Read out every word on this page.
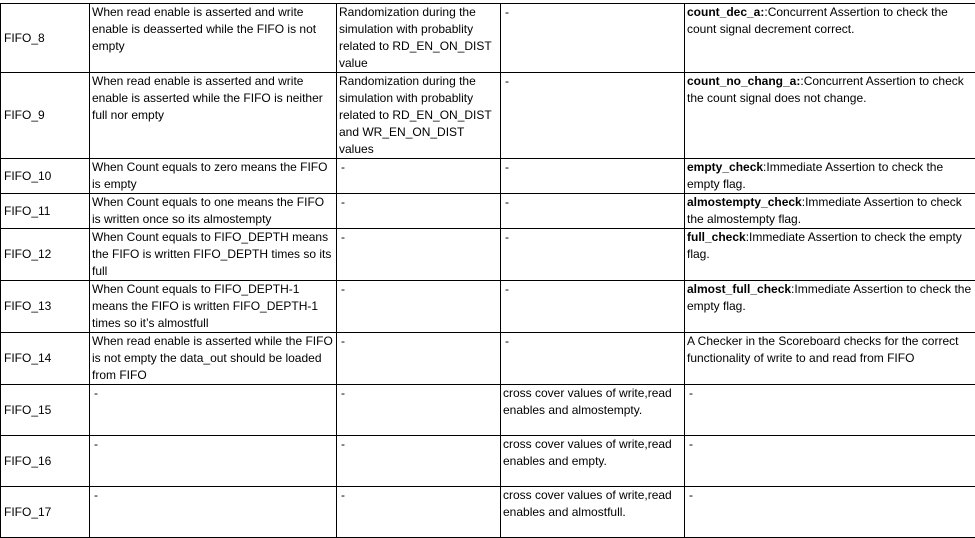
FIFO_8	When read enable is asserted and write enable is deasserted while the FIFO is not empty	Randomization during the simulation with probablity related to RD_EN_ON_DIST value	-	count_dec_a::Concurrent Assertion to check the count signal decrement correct.
FIFO_9	When read enable is asserted and write enable is asserted while the FIFO is neither full nor empty	Randomization during the simulation with probablity related to RD_EN_ON_DIST and WR_EN_ON_DIST values	-	count_no_chang_a::Concurrent Assertion to check the count signal does not change.
FIFO_10	When Count equals to zero means the FIFO is empty	-	-	empty_check:Immediate Assertion to check the empty flag.
FIFO_11	When Count equals to one means the FIFO is written once so its almostempty	-	-	almostempty_check:Immediate Assertion to check the almostempty flag.
FIFO_12	When Count equals to FIFO_DEPTH means the FIFO is written FIFO_DEPTH times so its full	-	-	full_check:Immediate Assertion to check the empty flag.
FIFO_13	When Count equals to FIFO_DEPTH-1 means the FIFO is written FIFO_DEPTH-1 times so it’s almostfull	-	-	almost_full_check:Immediate Assertion to check the empty flag.
FIFO_14	When read enable is asserted while the FIFO is not empty the data_out should be loaded from FIFO	-	-	A Checker in the Scoreboard checks for the correct functionality of write to and read from FIFO
FIFO_15	-	-	cross cover values of write,read enables and almostempty.	-
FIFO_16	-	-	cross cover values of write,read enables and empty.	-
FIFO_17	-	-	cross cover values of write,read enables and almostfull.	-
